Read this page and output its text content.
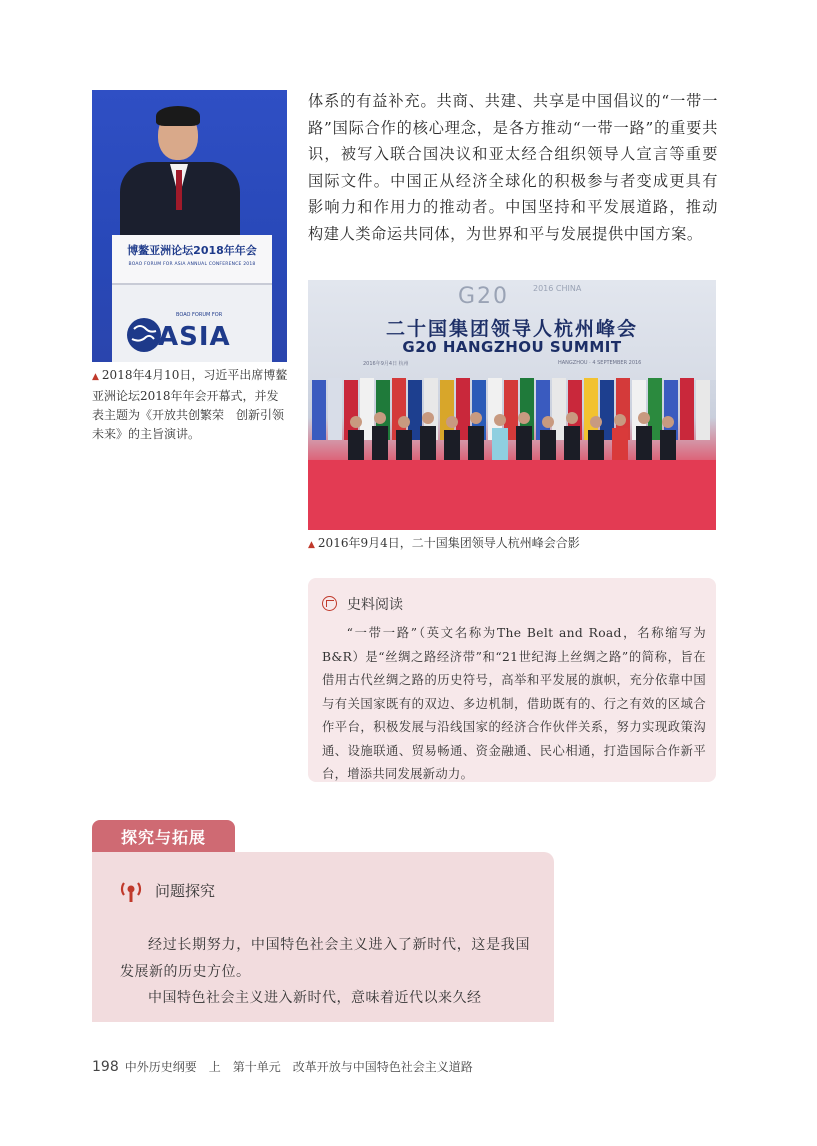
博鳌亚洲论坛2018年年会
BOAO FORUM FOR ASIA ANNUAL CONFERENCE 2018
BOAO FORUM FOR
ASIA
▲ 2018年4月10日，习近平出席博鳌亚洲论坛2018年年会开幕式，并发表主题为《开放共创繁荣　创新引领未来》的主旨演讲。
体系的有益补充。共商、共建、共享是中国倡议的“一带一路”国际合作的核心理念，是各方推动“一带一路”的重要共识，被写入联合国决议和亚太经合组织领导人宣言等重要国际文件。中国正从经济全球化的积极参与者变成更具有影响力和作用力的推动者。中国坚持和平发展道路，推动构建人类命运共同体，为世界和平与发展提供中国方案。
G20	2016 CHINA
二十国集团领导人杭州峰会
G20 HANGZHOU SUMMIT
2016年9月4日 杭州	HANGZHOU · 4 SEPTEMBER 2016
▲ 2016年9月4日，二十国集团领导人杭州峰会合影
史料阅读
“一带一路”（英文名称为The Belt and Road，名称缩写为B&R）是“丝绸之路经济带”和“21世纪海上丝绸之路”的简称，旨在借用古代丝绸之路的历史符号，高举和平发展的旗帜，充分依靠中国与有关国家既有的双边、多边机制，借助既有的、行之有效的区域合作平台，积极发展与沿线国家的经济合作伙伴关系，努力实现政策沟通、设施联通、贸易畅通、资金融通、民心相通，打造国际合作新平台，增添共同发展新动力。
探究与拓展
问题探究

经过长期努力，中国特色社会主义进入了新时代，这是我国发展新的历史方位。

中国特色社会主义进入新时代，意味着近代以来久经

198 中外历史纲要　上　第十单元　改革开放与中国特色社会主义道路
